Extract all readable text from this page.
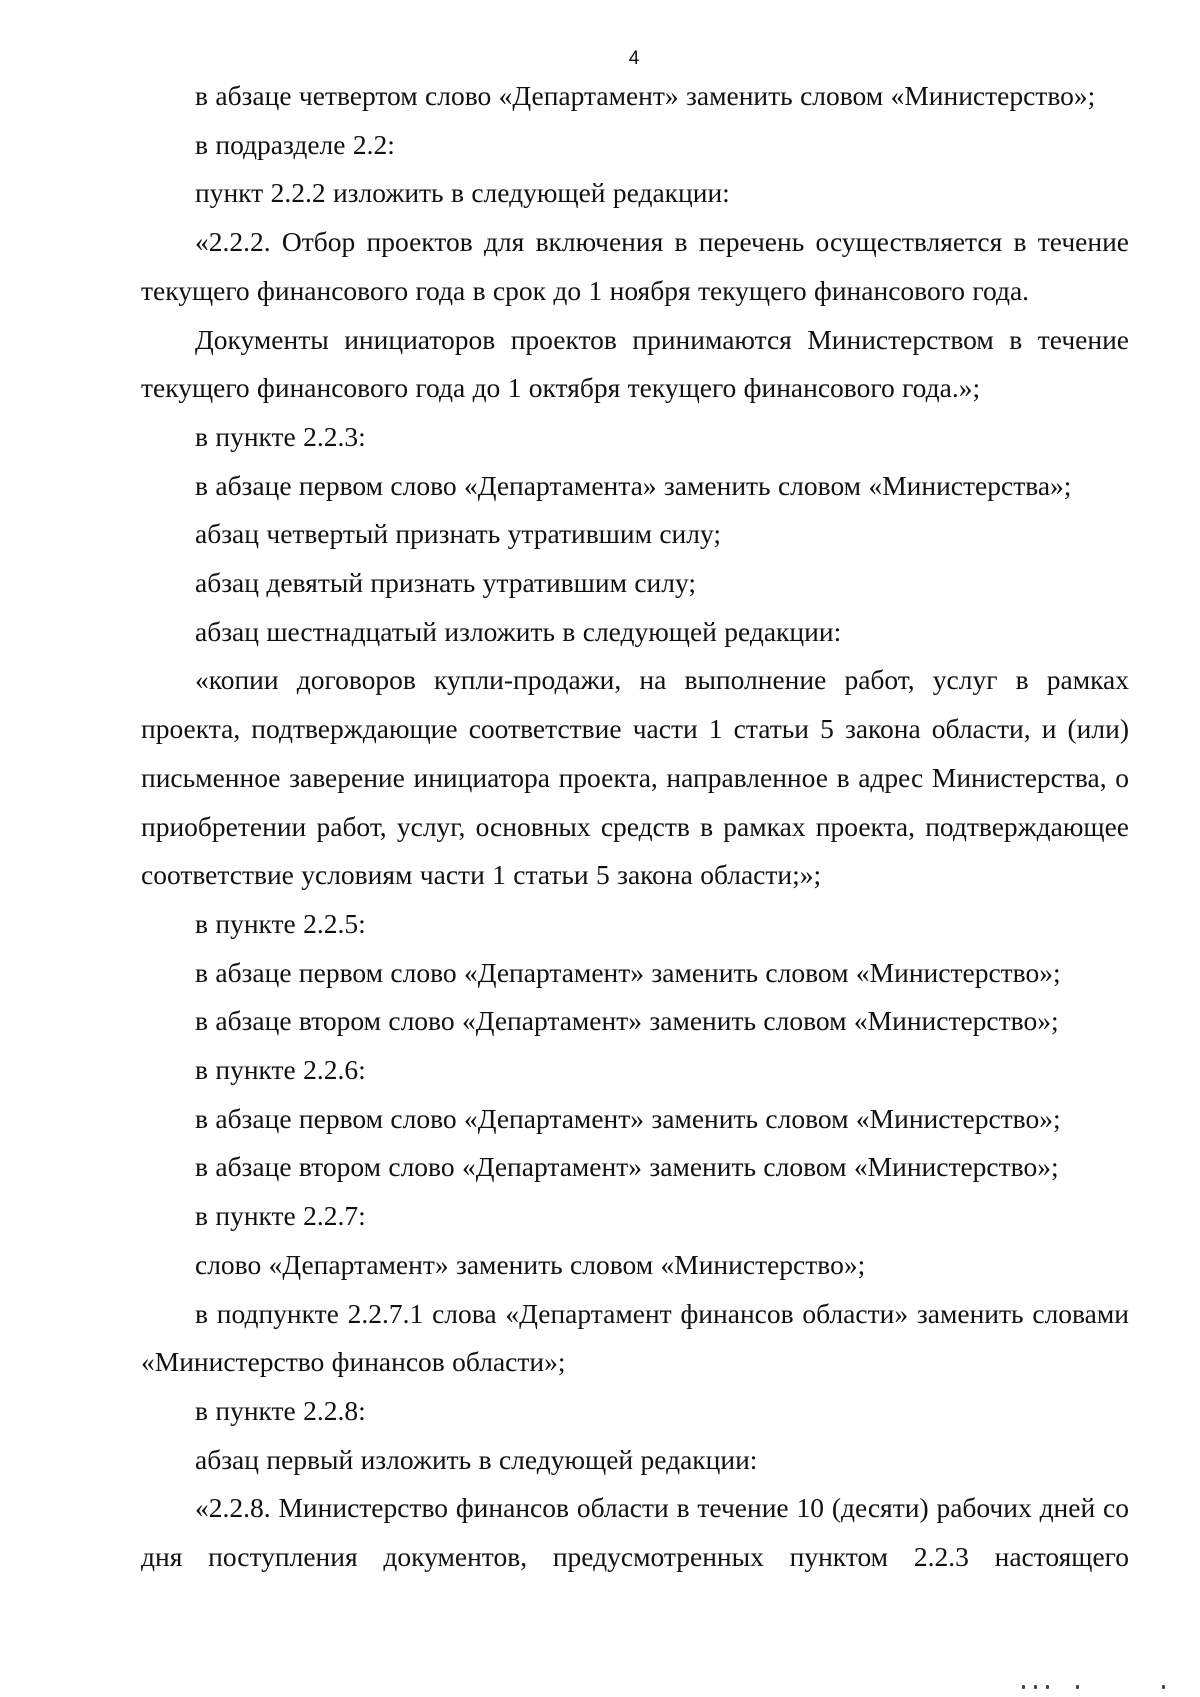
4

в абзаце четвертом слово «Департамент» заменить словом «Министерство»;

в подразделе 2.2:

пункт 2.2.2 изложить в следующей редакции:

«2.2.2. Отбор проектов для включения в перечень осуществляется в течение текущего финансового года в срок до 1 ноября текущего финансового года.

Документы инициаторов проектов принимаются Министерством в течение текущего финансового года до 1 октября текущего финансового года.»;

в пункте 2.2.3:

в абзаце первом слово «Департамента» заменить словом «Министерства»;

абзац четвертый признать утратившим силу;

абзац девятый признать утратившим силу;

абзац шестнадцатый изложить в следующей редакции:

«копии договоров купли-продажи, на выполнение работ, услуг в рамках проекта, подтверждающие соответствие части 1 статьи 5 закона области, и (или) письменное заверение инициатора проекта, направленное в адрес Министерства, о приобретении работ, услуг, основных средств в рамках проекта, подтверждающее соответствие условиям части 1 статьи 5 закона области;»;

в пункте 2.2.5:

в абзаце первом слово «Департамент» заменить словом «Министерство»;

в абзаце втором слово «Департамент» заменить словом «Министерство»;

в пункте 2.2.6:

в абзаце первом слово «Департамент» заменить словом «Министерство»;

в абзаце втором слово «Департамент» заменить словом «Министерство»;

в пункте 2.2.7:

слово «Департамент» заменить словом «Министерство»;

в подпункте 2.2.7.1 слова «Департамент финансов области» заменить словами «Министерство финансов области»;

в пункте 2.2.8:

абзац первый изложить в следующей редакции:

«2.2.8. Министерство финансов области в течение 10 (десяти) рабочих дней со дня поступления документов, предусмотренных пунктом 2.2.3 настоящего
